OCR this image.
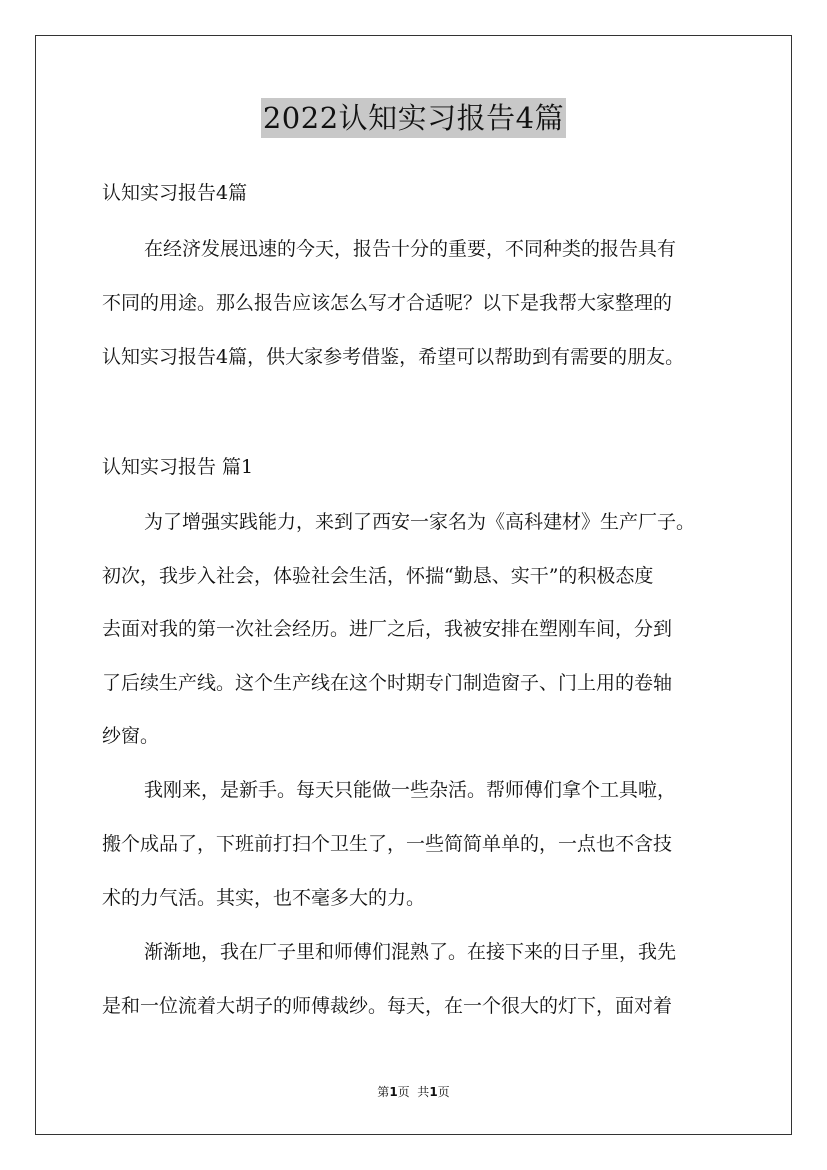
2022认知实习报告4篇
认知实习报告4篇
在经济发展迅速的今天，报告十分的重要，不同种类的报告具有
不同的用途。那么报告应该怎么写才合适呢？以下是我帮大家整理的
认知实习报告4篇，供大家参考借鉴，希望可以帮助到有需要的朋友。
认知实习报告 篇1
为了增强实践能力，来到了西安一家名为《高科建材》生产厂子。
初次，我步入社会，体验社会生活，怀揣“勤恳、实干”的积极态度
去面对我的第一次社会经历。进厂之后，我被安排在塑刚车间，分到
了后续生产线。这个生产线在这个时期专门制造窗子、门上用的卷轴
纱窗。
我刚来，是新手。每天只能做一些杂活。帮师傅们拿个工具啦，
搬个成品了，下班前打扫个卫生了，一些简简单单的，一点也不含技
术的力气活。其实，也不毫多大的力。
渐渐地，我在厂子里和师傅们混熟了。在接下来的日子里，我先
是和一位流着大胡子的师傅裁纱。每天，在一个很大的灯下，面对着
第1页  共1页
